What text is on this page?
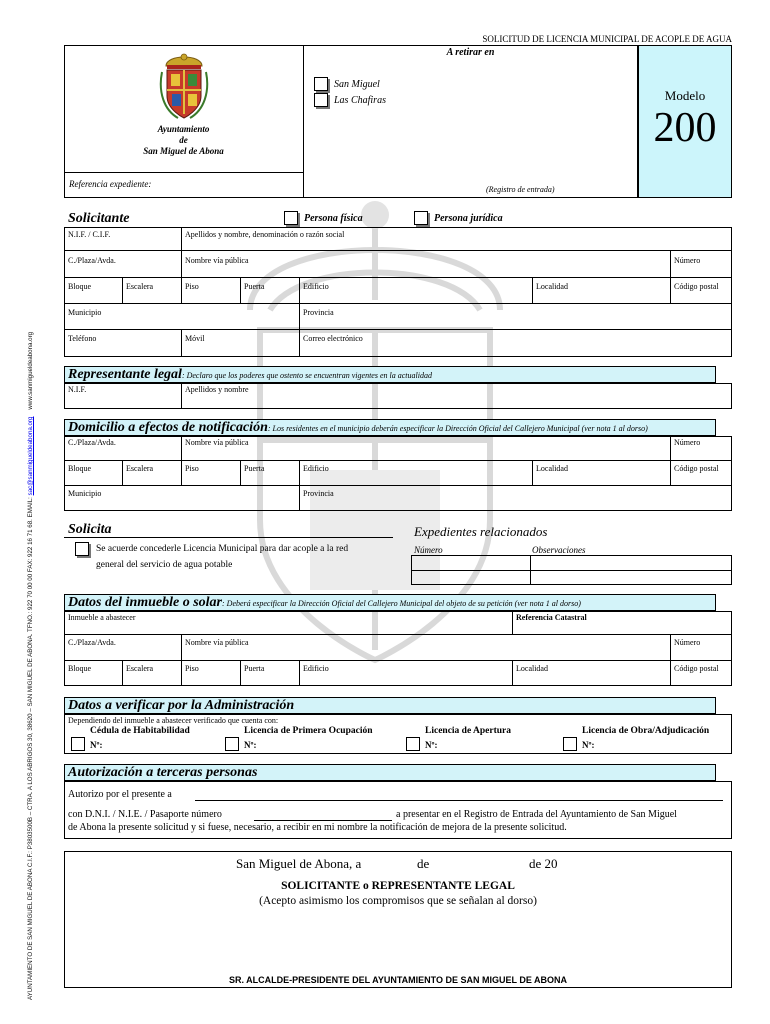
AYUNTAMIENTO DE SAN MIGUEL DE ABONA C.I.F.: P3803500B – CTRA. A LOS ABRIGOS 30, 38620 – SAN MIGUEL DE ABONA. TFNO.: 922 70 00 00 FAX: 922 16 71 68. EMAIL: sac@sanmigueldeabona.org    www.sanmigueldeabona.org
SOLICITUD DE LICENCIA MUNICIPAL DE ACOPLE DE AGUA
Ayuntamiento
de
San Miguel de Abona
A retirar en
San Miguel
Las Chafiras	Modelo
200
Referencia expediente:
(Registro de entrada)
Solicitante	Persona física	Persona jurídica
N.I.F. / C.I.F.	Apellidos y nombre, denominación o razón social
C./Plaza/Avda.	Nombre vía pública	Número
Bloque	Escalera	Piso	Puerta	Edificio	Localidad	Código postal
Municipio	Provincia
Teléfono	Móvil	Correo electrónico
Representante legal: Declaro que los poderes que ostento se encuentran vigentes en la actualidad
N.I.F.	Apellidos y nombre
Domicilio a efectos de notificación: Los residentes en el municipio deberán especificar la Dirección Oficial del Callejero Municipal (ver nota 1 al dorso)
C./Plaza/Avda.	Nombre vía pública	Número
Bloque	Escalera	Piso	Puerta	Edificio	Localidad	Código postal
Municipio	Provincia
Solicita
Se acuerde concederle Licencia Municipal para dar acople a la red
general del servicio de agua potable
Expedientes relacionados
Número	Observaciones
Datos del inmueble o solar: Deberá especificar la Dirección Oficial del Callejero Municipal del objeto de su petición (ver nota 1 al dorso)
Inmueble a abastecer	Referencia Catastral
C./Plaza/Avda.	Nombre vía pública	Número
Bloque	Escalera	Piso	Puerta	Edificio	Localidad	Código postal
Datos a verificar por la Administración
Dependiendo del inmueble a abastecer verificado que cuenta con:
Cédula de Habitabilidad	Licencia de Primera Ocupación	Licencia de Apertura	Licencia de Obra/Adjudicación
Nº:	Nº:	Nº:	Nº:
Autorización a terceras personas
Autorizo por el presente a
con D.N.I. / N.I.E. / Pasaporte número	a presentar en el Registro de Entrada del Ayuntamiento de San Miguel
de Abona la presente solicitud y si fuese, necesario, a recibir en mi nombre la notificación de mejora de la presente solicitud.
San Miguel de Abona, a	de	de 20
SOLICITANTE o REPRESENTANTE LEGAL
(Acepto asimismo los compromisos que se señalan al dorso)
SR. ALCALDE-PRESIDENTE DEL AYUNTAMIENTO DE SAN MIGUEL DE ABONA
